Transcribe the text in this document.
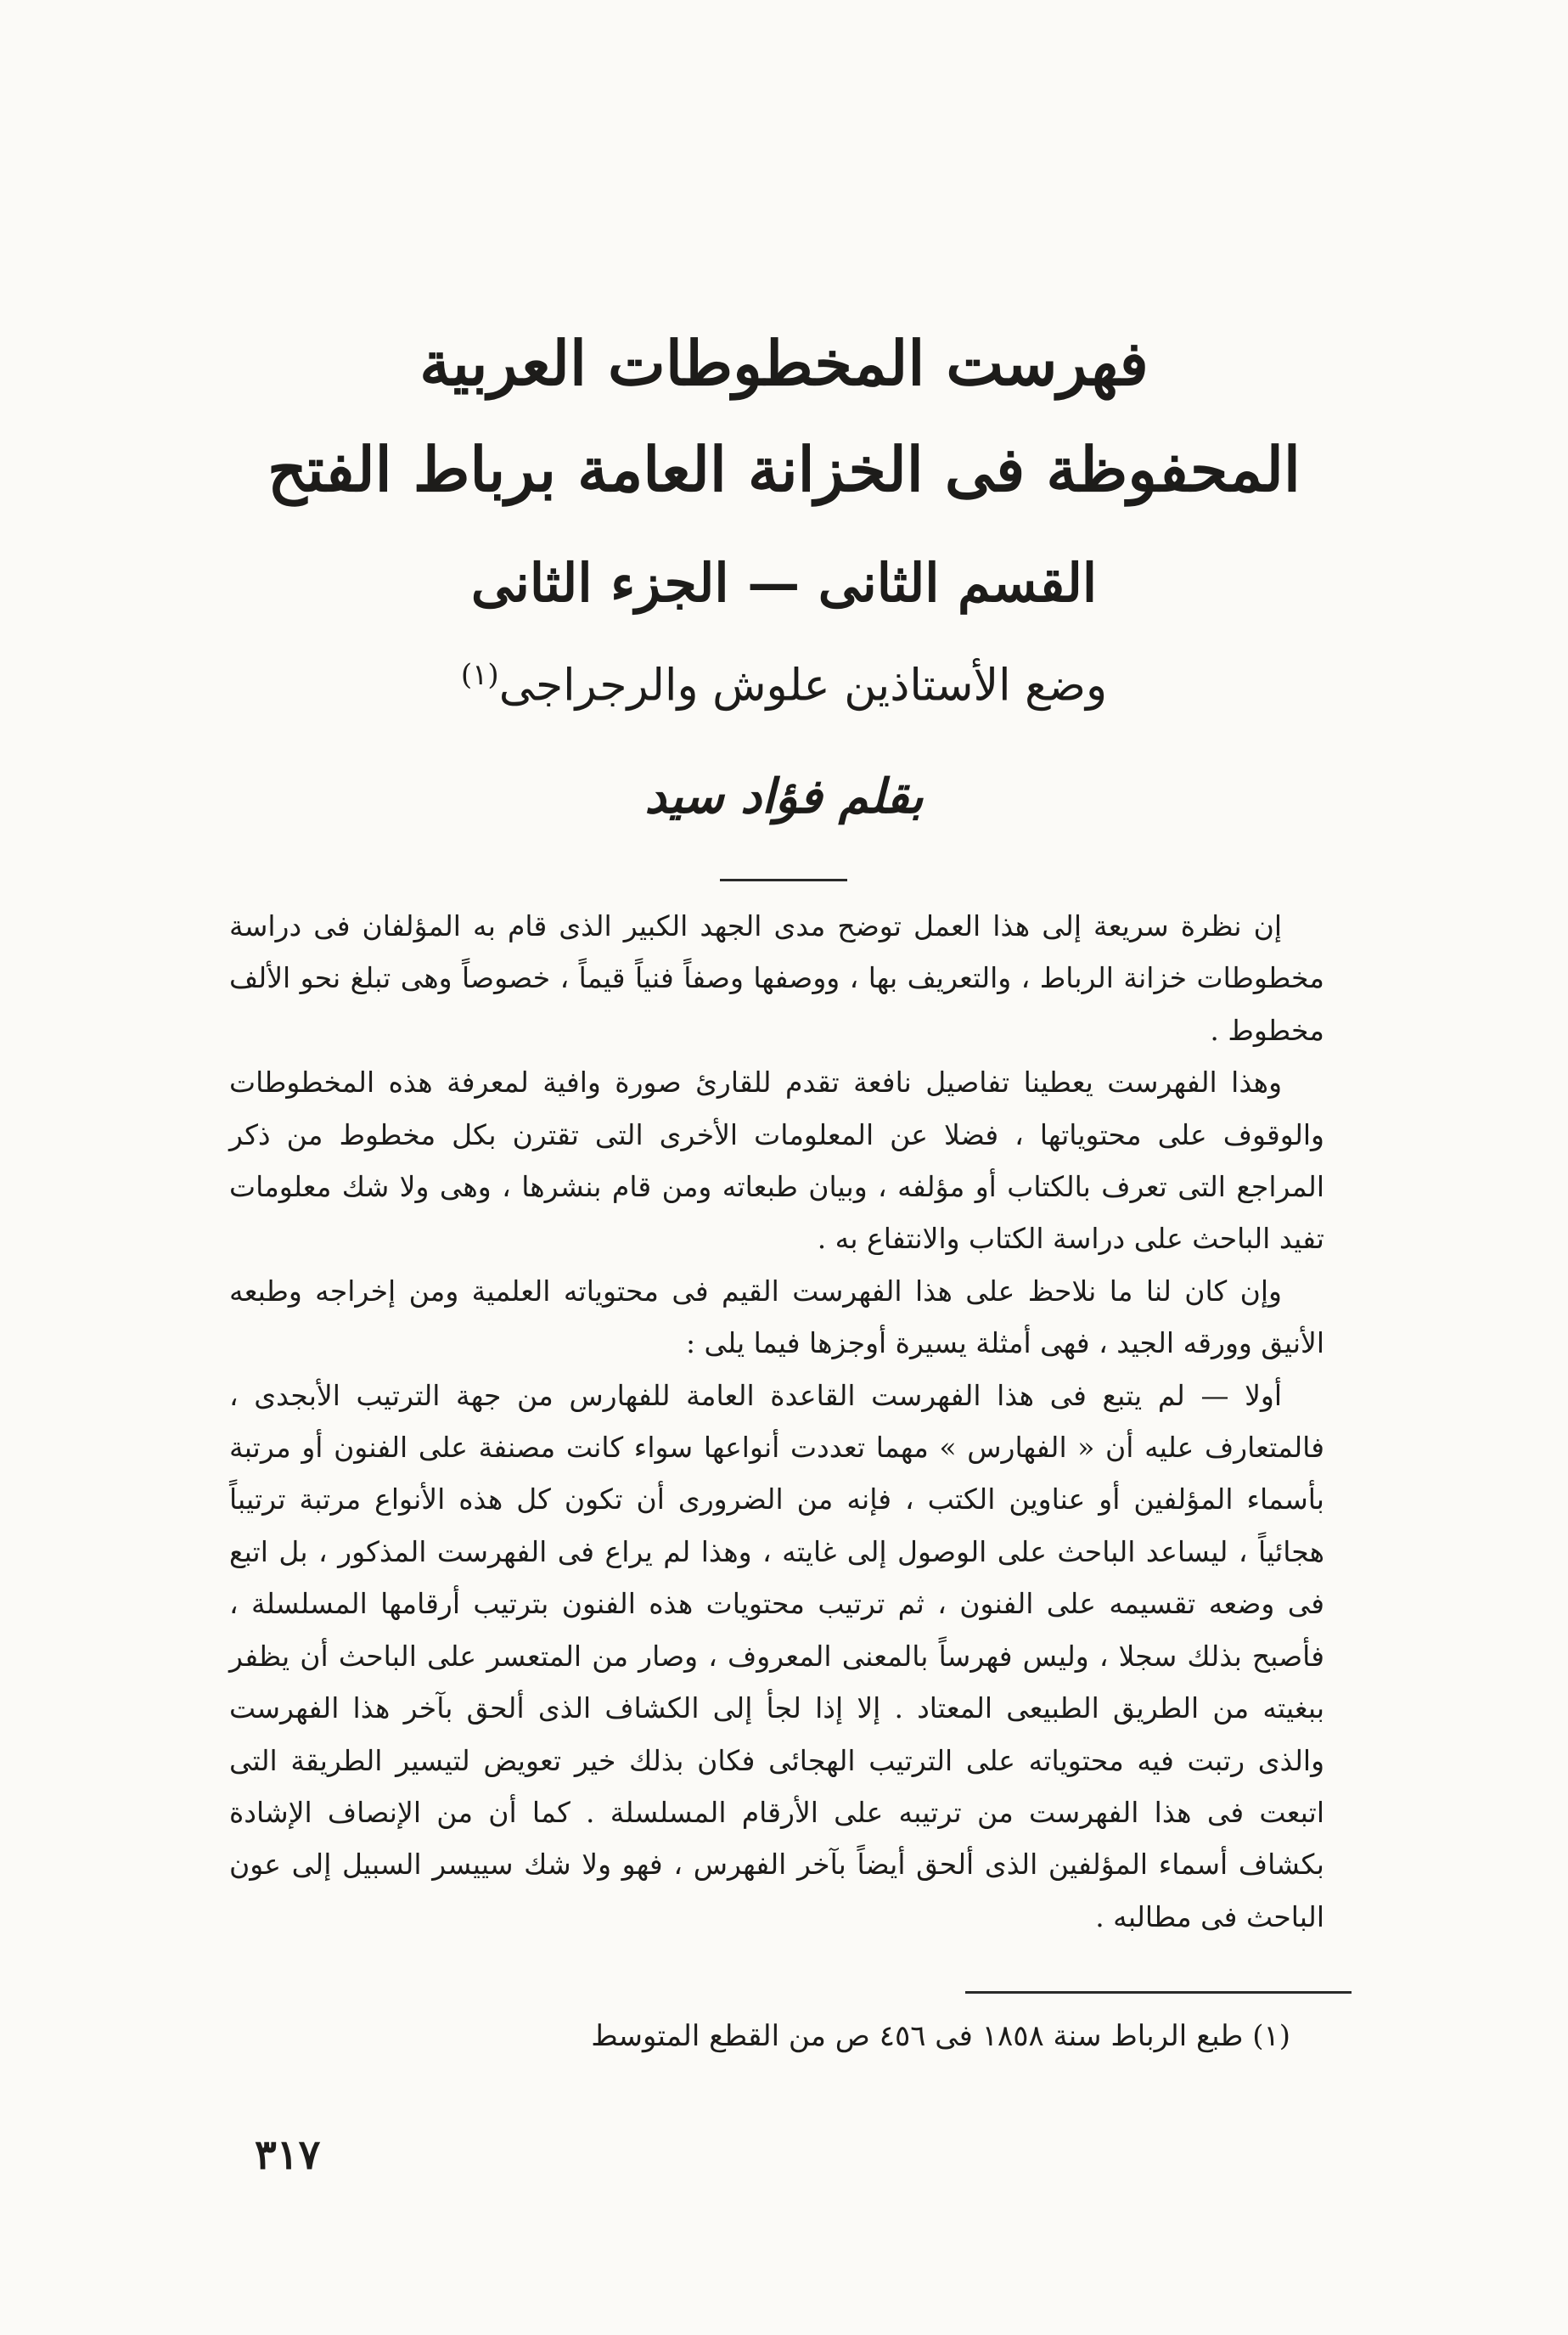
فهرست المخطوطات العربية
المحفوظة فى الخزانة العامة برباط الفتح
القسم الثانى — الجزء الثانى
وضع الأستاذين علوش والرجراجى$^{(١)}$
بقلم فؤاد سيد

إن نظرة سريعة إلى هذا العمل توضح مدى الجهد الكبير الذى قام به المؤلفان فى دراسة مخطوطات خزانة الرباط ، والتعريف بها ، ووصفها وصفاً فنياً قيماً ، خصوصاً وهى تبلغ نحو الألف مخطوط .

وهذا الفهرست يعطينا تفاصيل نافعة تقدم للقارئ صورة وافية لمعرفة هذه المخطوطات والوقوف على محتوياتها ، فضلا عن المعلومات الأخرى التى تقترن بكل مخطوط من ذكر المراجع التى تعرف بالكتاب أو مؤلفه ، وبيان طبعاته ومن قام بنشرها ، وهى ولا شك معلومات تفيد الباحث على دراسة الكتاب والانتفاع به .

وإن كان لنا ما نلاحظ على هذا الفهرست القيم فى محتوياته العلمية ومن إخراجه وطبعه الأنيق وورقه الجيد ، فهى أمثلة يسيرة أوجزها فيما يلى :

أولا — لم يتبع فى هذا الفهرست القاعدة العامة للفهارس من جهة الترتيب الأبجدى ، فالمتعارف عليه أن « الفهارس » مهما تعددت أنواعها سواء كانت مصنفة على الفنون أو مرتبة بأسماء المؤلفين أو عناوين الكتب ، فإنه من الضرورى أن تكون كل هذه الأنواع مرتبة ترتيباً هجائياً ، ليساعد الباحث على الوصول إلى غايته ، وهذا لم يراع فى الفهرست المذكور ، بل اتبع فى وضعه تقسيمه على الفنون ، ثم ترتيب محتويات هذه الفنون بترتيب أرقامها المسلسلة ، فأصبح بذلك سجلا ، وليس فهرساً بالمعنى المعروف ، وصار من المتعسر على الباحث أن يظفر ببغيته من الطريق الطبيعى المعتاد . إلا إذا لجأ إلى الكشاف الذى ألحق بآخر هذا الفهرست والذى رتبت فيه محتوياته على الترتيب الهجائى فكان بذلك خير تعويض لتيسير الطريقة التى اتبعت فى هذا الفهرست من ترتيبه على الأرقام المسلسلة . كما أن من الإنصاف الإشادة بكشاف أسماء المؤلفين الذى ألحق أيضاً بآخر الفهرس ، فهو ولا شك سييسر السبيل إلى عون الباحث فى مطالبه .

(١) طبع الرباط سنة ١٨٥٨ فى ٤٥٦ ص من القطع المتوسط
٣١٧
